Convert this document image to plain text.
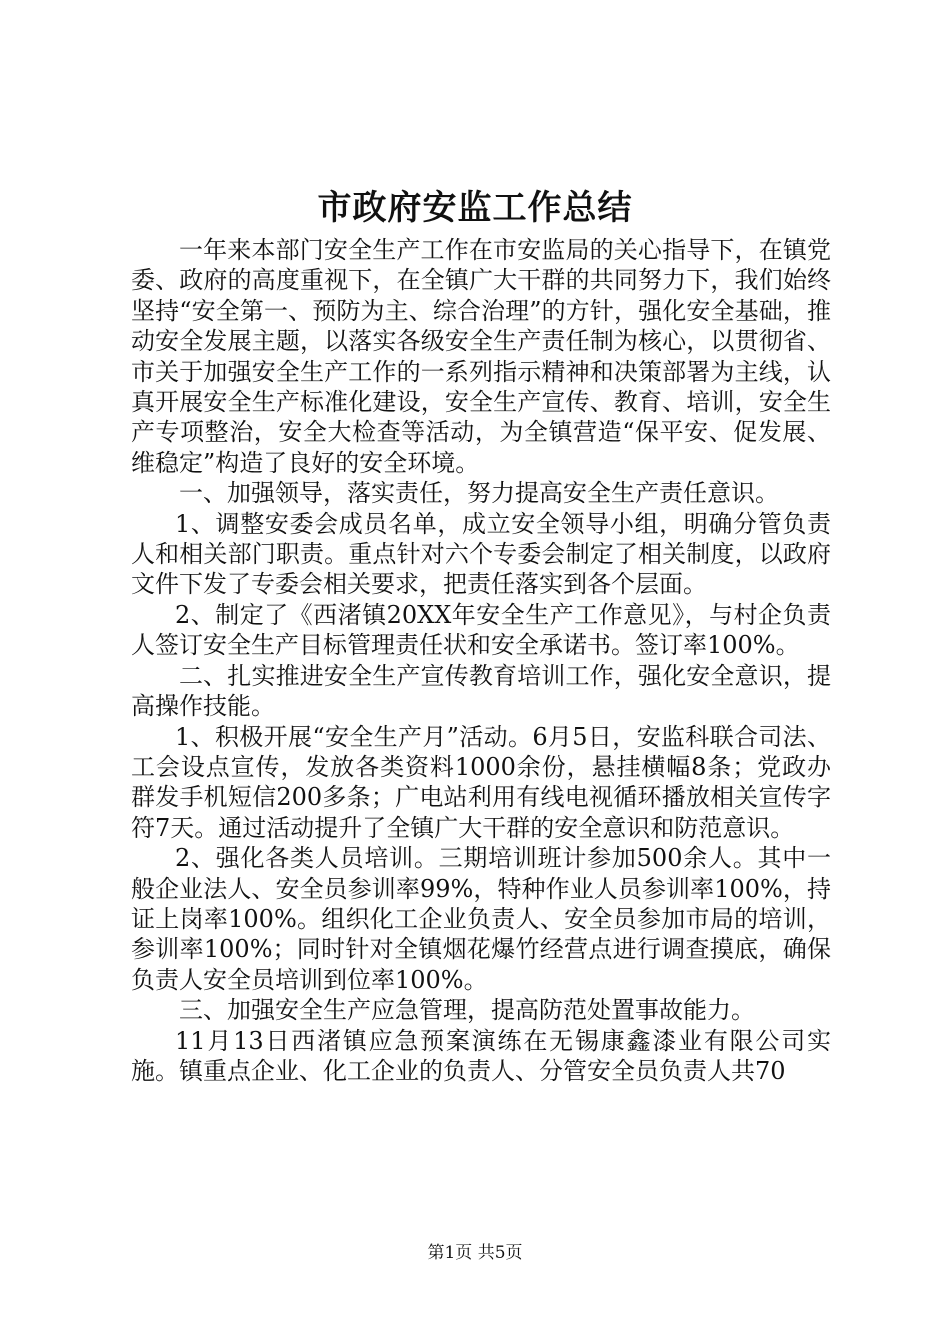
市政府安监工作总结

一年来本部门安全生产工作在市安监局的关心指导下，在镇党委、政府的高度重视下，在全镇广大干群的共同努力下，我们始终坚持“安全第一、预防为主、综合治理”的方针，强化安全基础，推动安全发展主题，以落实各级安全生产责任制为核心，以贯彻省、市关于加强安全生产工作的一系列指示精神和决策部署为主线，认真开展安全生产标准化建设，安全生产宣传、教育、培训，安全生产专项整治，安全大检查等活动，为全镇营造“保平安、促发展、维稳定”构造了良好的安全环境。

一、加强领导，落实责任，努力提高安全生产责任意识。

1、调整安委会成员名单，成立安全领导小组，明确分管负责人和相关部门职责。重点针对六个专委会制定了相关制度，以政府文件下发了专委会相关要求，把责任落实到各个层面。

2、制定了《西渚镇20XX年安全生产工作意见》，与村企负责人签订安全生产目标管理责任状和安全承诺书。签订率100%。

二、扎实推进安全生产宣传教育培训工作，强化安全意识，提高操作技能。

1、积极开展“安全生产月”活动。6月5日，安监科联合司法、工会设点宣传，发放各类资料1000余份，悬挂横幅8条；党政办群发手机短信200多条；广电站利用有线电视循环播放相关宣传字符7天。通过活动提升了全镇广大干群的安全意识和防范意识。

2、强化各类人员培训。三期培训班计参加500余人。其中一般企业法人、安全员参训率99%，特种作业人员参训率100%，持证上岗率100%。组织化工企业负责人、安全员参加市局的培训，参训率100%；同时针对全镇烟花爆竹经营点进行调查摸底，确保负责人安全员培训到位率100%。

三、加强安全生产应急管理，提高防范处置事故能力。

11月13日西渚镇应急预案演练在无锡康鑫漆业有限公司实施。镇重点企业、化工企业的负责人、分管安全员负责人共70

第1页 共5页
